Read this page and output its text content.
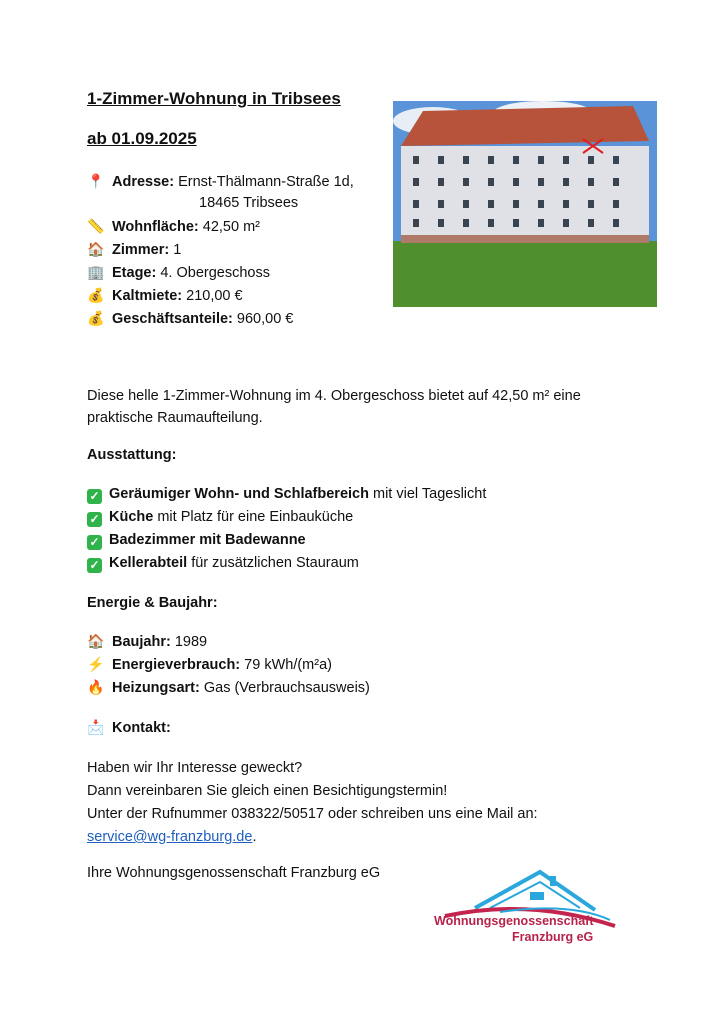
1-Zimmer-Wohnung in Tribsees
ab 01.09.2025
📍 Adresse: Ernst-Thälmann-Straße 1d,
18465 Tribsees
📏 Wohnfläche: 42,50 m²
🏠 Zimmer: 1
🏢 Etage: 4. Obergeschoss
💰 Kaltmiete: 210,00 €
💰 Geschäftsanteile: 960,00 €
Diese helle 1-Zimmer-Wohnung im 4. Obergeschoss bietet auf 42,50 m² eine
praktische Raumaufteilung.
Ausstattung:
✓ Geräumiger Wohn- und Schlafbereich mit viel Tageslicht
✓ Küche mit Platz für eine Einbauküche
✓ Badezimmer mit Badewanne
✓ Kellerabteil für zusätzlichen Stauraum
Energie & Baujahr:
🏠 Baujahr: 1989
⚡ Energieverbrauch: 79 kWh/(m²a)
🔥 Heizungsart: Gas (Verbrauchsausweis)
📩 Kontakt:
Haben wir Ihr Interesse geweckt?
Dann vereinbaren Sie gleich einen Besichtigungstermin!
Unter der Rufnummer 038322/50517 oder schreiben uns eine Mail an:
service@wg-franzburg.de.
Ihre Wohnungsgenossenschaft Franzburg eG
Wohnungsgenossenschaft
Franzburg eG
